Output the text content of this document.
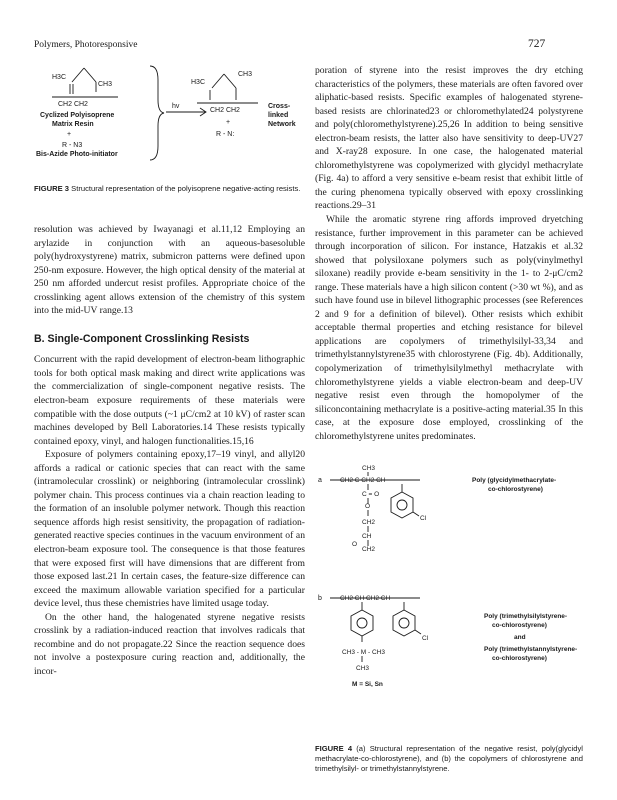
Polymers, Photoresponsive	727
H3C
CH3
CH2 CH2
Cyclized Polyisoprene
Matrix Resin
+
R - N3
Bis-Azide Photo-initiator
hv
H3C
CH3
CH2 CH2
+
R - N:
Cross-
linked
Network
a
CH3
CH2 C CH2 CH
C = O
O
CH2
CH
O
CH2
Cl
Poly (glycidylmethacrylate-
co-chlorostyrene)
b	CH2 CH CH2 CH
CH3 - M - CH3
CH3
Cl
M = Si, Sn
Poly (trimethylsilylstyrene-
co-chlorostyrene)
and
Poly (trimethylstannylstyrene-
co-chlorostyrene)
FIGURE 3 Structural representation of the polyisoprene negative-acting resists.

resolution was achieved by Iwayanagi et al.11,12 Employing an arylazide in conjunction with an aqueous-basesoluble poly(hydroxystyrene) matrix, submicron patterns were defined upon 250-nm exposure. However, the high optical density of the material at 250 nm afforded undercut resist profiles. Appropriate choice of the crosslinking agent allows extension of the chemistry of this system into the mid-UV range.13

B. Single-Component Crosslinking Resists

Concurrent with the rapid development of electron-beam lithographic tools for both optical mask making and direct write applications was the commercialization of single-component negative resists. The electron-beam exposure requirements of these materials were compatible with the dose outputs (~1 μC/cm2 at 10 kV) of raster scan machines developed by Bell Laboratories.14 These resists typically contained epoxy, vinyl, and halogen functionalities.15,16

Exposure of polymers containing epoxy,17–19 vinyl, and allyl20 affords a radical or cationic species that can react with the same (intramolecular crosslink) or neighboring (intramolecular crosslink) polymer chain. This process continues via a chain reaction leading to the formation of an insoluble polymer network. Though this reaction sequence affords high resist sensitivity, the propagation of radiation-generated reactive species continues in the vacuum environment of an electron-beam exposure tool. The consequence is that those features that were exposed first will have dimensions that are different from those exposed last.21 In certain cases, the feature-size difference can exceed the maximum allowable variation specified for a particular device level, thus these chemistries have limited usage today.

On the other hand, the halogenated styrene negative resists crosslink by a radiation-induced reaction that involves radicals that recombine and do not propagate.22 Since the reaction sequence does not involve a postexposure curing reaction and, additionally, the incor-

poration of styrene into the resist improves the dry etching characteristics of the polymers, these materials are often favored over aliphatic-based resists. Specific examples of halogenated styrene-based resists are chlorinated23 or chloromethylated24 polystyrene and poly(chloromethylstyrene).25,26 In addition to being sensitive electron-beam resists, the latter also have sensitivity to deep-UV27 and X-ray28 exposure. In one case, the halogenated material chloromethylstyrene was copolymerized with glycidyl methacrylate (Fig. 4a) to afford a very sensitive e-beam resist that exhibit little of the curing phenomena typically observed with epoxy crosslinking reactions.29–31

While the aromatic styrene ring affords improved dryetching resistance, further improvement in this parameter can be achieved through incorporation of silicon. For instance, Hatzakis et al.32 showed that polysiloxane polymers such as poly(vinylmethyl siloxane) readily provide e-beam sensitivity in the 1- to 2-μC/cm2 range. These materials have a high silicon content (>30 wt %), and as such have found use in bilevel lithographic processes (see References 2 and 9 for a definition of bilevel). Other resists which exhibit acceptable thermal properties and etching resistance for bilevel applications are copolymers of trimethylsilyl-33,34 and trimethylstannylstyrene35 with chlorostyrene (Fig. 4b). Additionally, copolymerization of trimethylsilylmethyl methacrylate with chloromethylstyrene yields a viable electron-beam and deep-UV negative resist even through the homopolymer of the siliconcontaining methacrylate is a positive-acting material.35 In this case, at the exposure dose employed, crosslinking of the chloromethylstyrene unites predominates.

FIGURE 4 (a) Structural representation of the negative resist, poly(glycidyl methacrylate-co-chlorostyrene), and (b) the copolymers of chlorostyrene and trimethylsilyl- or trimethylstannylstyrene.
